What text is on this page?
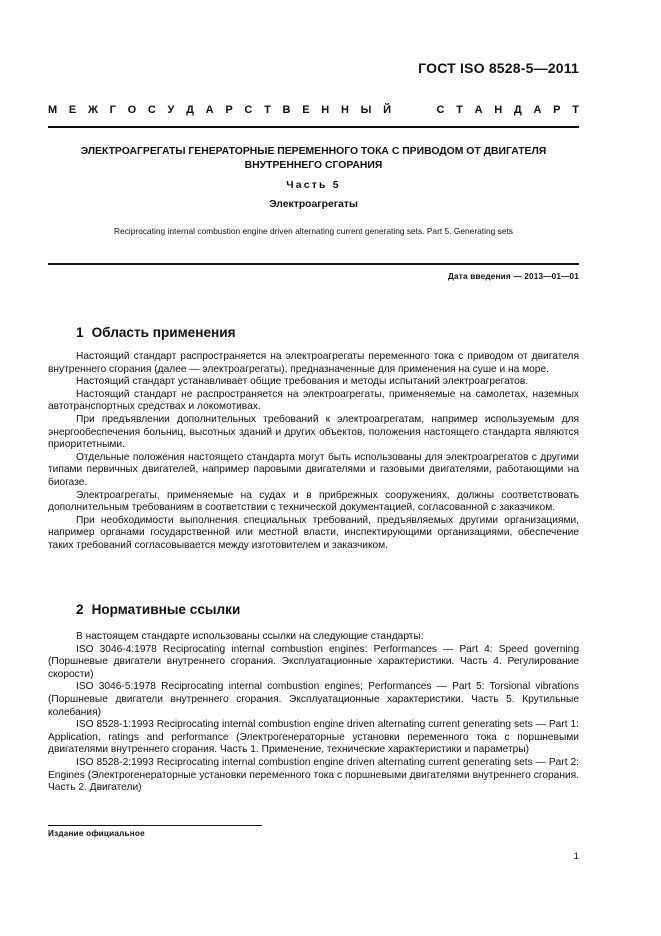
ГОСТ ISO 8528-5—2011
М Е Ж Г О С У Д А Р С Т В Е Н Н Ы Й	С Т А Н Д А Р Т
ЭЛЕКТРОАГРЕГАТЫ ГЕНЕРАТОРНЫЕ ПЕРЕМЕННОГО ТОКА С ПРИВОДОМ ОТ ДВИГАТЕЛЯ ВНУТРЕННЕГО СГОРАНИЯ
Часть 5
Электроагрегаты
Reciprocating internal combustion engine driven alternating current generating sets. Part 5. Generating sets
Дата введения — 2013—01—01
1 Область применения

Настоящий стандарт распространяется на электроагрегаты переменного тока с приводом от двигателя внутреннего сгорания (далее — электроагрегаты), предназначенные для применения на суше и на море.

Настоящий стандарт устанавливает общие требования и методы испытаний электроагрегатов.

Настоящий стандарт не распространяется на электроагрегаты, применяемые на самолетах, наземных автотранспортных средствах и локомотивах.

При предъявлении дополнительных требований к электроагрегатам, например используемым для энергообеспечения больниц, высотных зданий и других объектов, положения настоящего стандарта являются приоритетными.

Отдельные положения настоящего стандарта могут быть использованы для электроагрегатов с другими типами первичных двигателей, например паровыми двигателями и газовыми двигателями, работающими на биогазе.

Электроагрегаты, применяемые на судах и в прибрежных сооружениях, должны соответствовать дополнительным требованиям в соответствии с технической документацией, согласованной с заказчиком.

При необходимости выполнения специальных требований, предъявляемых другими организациями, например органами государственной или местной власти, инспектирующими организациями, обеспечение таких требований согласовывается между изготовителем и заказчиком.

2 Нормативные ссылки

В настоящем стандарте использованы ссылки на следующие стандарты:

ISO 3046-4:1978 Reciprocating internal combustion engines: Performances — Part 4: Speed governing (Поршневые двигатели внутреннего сгорания. Эксплуатационные характеристики. Часть 4. Регулирование скорости)

ISO 3046-5:1978 Reciprocating internal combustion engines; Performances — Part 5: Torsional vibrations (Поршневые двигатели внутреннего сгорания. Эксплуатационные характеристики. Часть 5. Крутильные колебания)

ISO 8528-1:1993 Reciprocating internal combustion engine driven alternating current generating sets — Part 1: Application, ratings and performance (Электрогенераторные установки переменного тока с поршневыми двигателями внутреннего сгорания. Часть 1. Применение, технические характеристики и параметры)

ISO 8528-2:1993 Reciprocating internal combustion engine driven alternating current generating sets — Part 2: Engines (Электрогенераторные установки переменного тока с поршневыми двигателями внутреннего сгорания. Часть 2. Двигатели)

Издание официальное
1
